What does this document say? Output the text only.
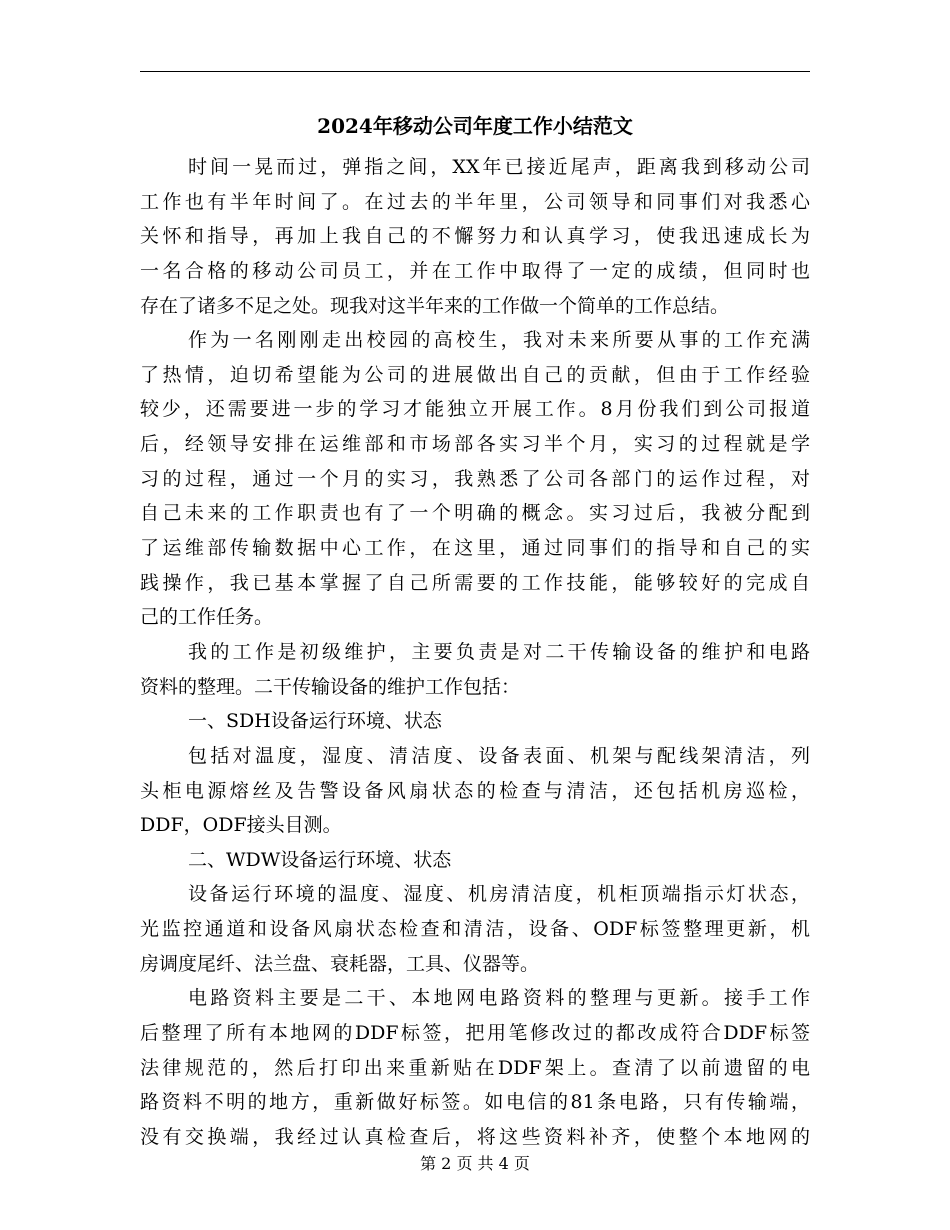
2024年移动公司年度工作小结范文
时间一晃而过，弹指之间，XX年已接近尾声，距离我到移动公司
工作也有半年时间了。在过去的半年里，公司领导和同事们对我悉心
关怀和指导，再加上我自己的不懈努力和认真学习，使我迅速成长为
一名合格的移动公司员工，并在工作中取得了一定的成绩，但同时也
存在了诸多不足之处。现我对这半年来的工作做一个简单的工作总结。
作为一名刚刚走出校园的高校生，我对未来所要从事的工作充满
了热情，迫切希望能为公司的进展做出自己的贡献，但由于工作经验
较少，还需要进一步的学习才能独立开展工作。8月份我们到公司报道
后，经领导安排在运维部和市场部各实习半个月，实习的过程就是学
习的过程，通过一个月的实习，我熟悉了公司各部门的运作过程，对
自己未来的工作职责也有了一个明确的概念。实习过后，我被分配到
了运维部传输数据中心工作，在这里，通过同事们的指导和自己的实
践操作，我已基本掌握了自己所需要的工作技能，能够较好的完成自
己的工作任务。
我的工作是初级维护，主要负责是对二干传输设备的维护和电路
资料的整理。二干传输设备的维护工作包括：
一、SDH设备运行环境、状态
包括对温度，湿度、清洁度、设备表面、机架与配线架清洁，列
头柜电源熔丝及告警设备风扇状态的检查与清洁，还包括机房巡检，
DDF，ODF接头目测。
二、WDW设备运行环境、状态
设备运行环境的温度、湿度、机房清洁度，机柜顶端指示灯状态，
光监控通道和设备风扇状态检查和清洁，设备、ODF标签整理更新，机
房调度尾纤、法兰盘、衰耗器，工具、仪器等。
电路资料主要是二干、本地网电路资料的整理与更新。接手工作
后整理了所有本地网的DDF标签，把用笔修改过的都改成符合DDF标签
法律规范的，然后打印出来重新贴在DDF架上。查清了以前遗留的电
路资料不明的地方，重新做好标签。如电信的81条电路，只有传输端，
没有交换端，我经过认真检查后，将这些资料补齐，使整个本地网的
第 2 页 共 4 页
